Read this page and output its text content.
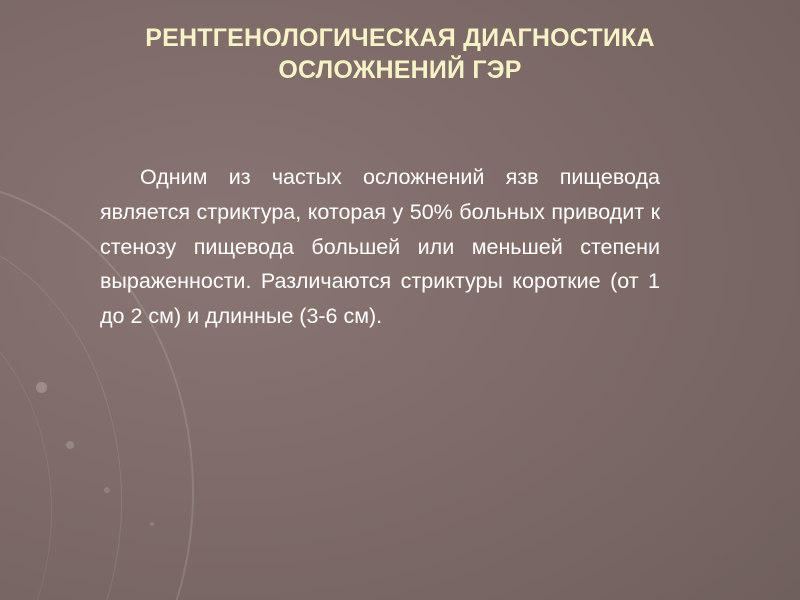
РЕНТГЕНОЛОГИЧЕСКАЯ ДИАГНОСТИКА ОСЛОЖНЕНИЙ ГЭР

Одним из частых осложнений язв пищевода является стриктура, которая у 50% больных приводит к стенозу пищевода большей или меньшей степени выраженности. Различаются стриктуры короткие (от 1 до 2 см) и длинные (3-6 см).
